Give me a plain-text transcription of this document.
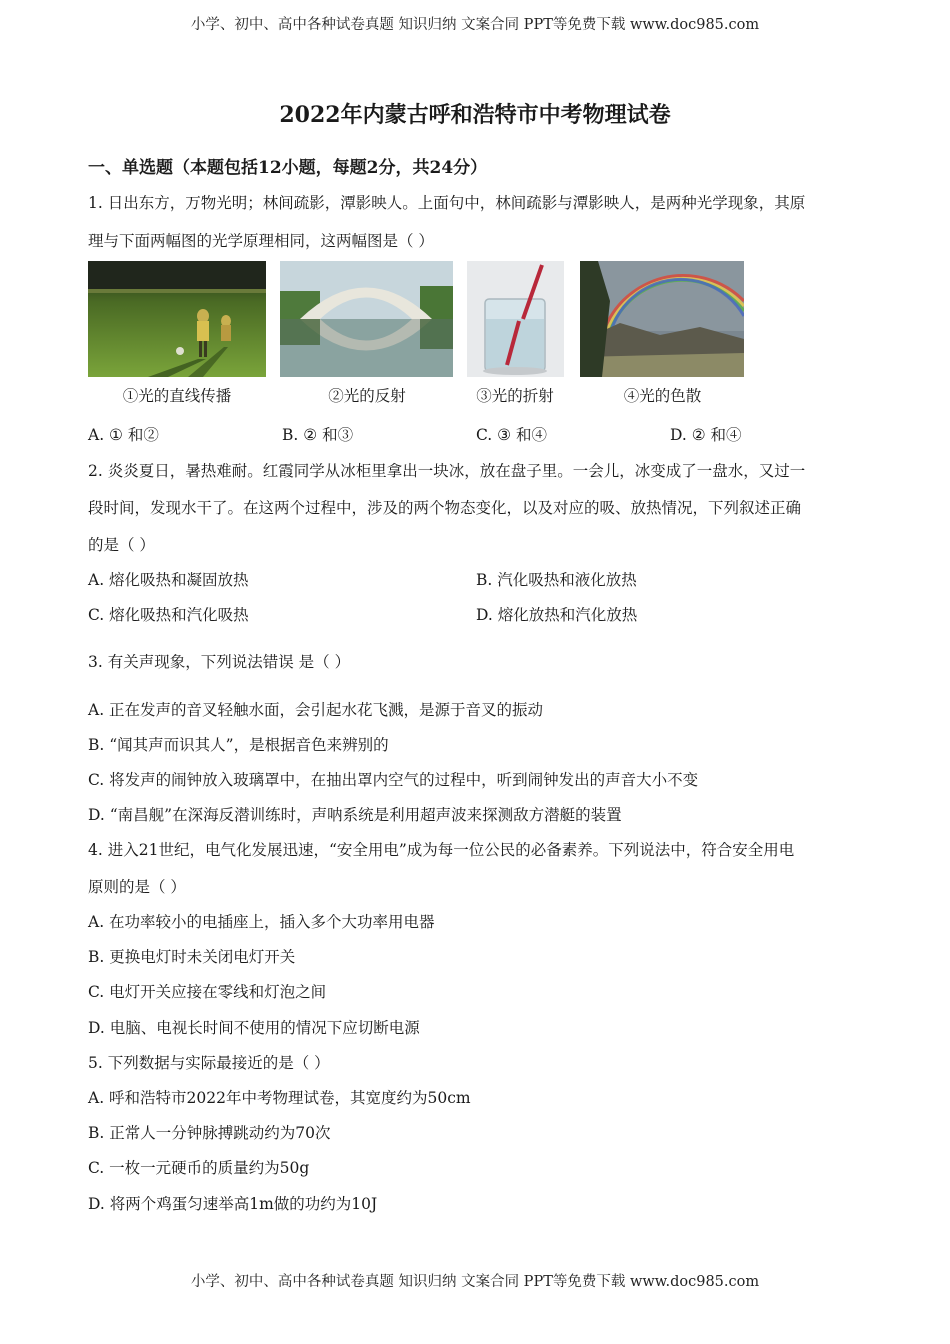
小学、初中、高中各种试卷真题 知识归纳 文案合同 PPT等免费下载 www.doc985.com
2022年内蒙古呼和浩特市中考物理试卷
一、单选题（本题包括12小题，每题2分，共24分）
1. 日出东方，万物光明；林间疏影，潭影映人。上面句中，林间疏影与潭影映人，是两种光学现象，其原
理与下面两幅图的光学原理相同，这两幅图是（ ）
①光的直线传播	②光的反射	③光的折射	④光的色散
A. ① 和②	B. ② 和③	C. ③ 和④	D. ② 和④
2. 炎炎夏日，暑热难耐。红霞同学从冰柜里拿出一块冰，放在盘子里。一会儿，冰变成了一盘水，又过一
段时间，发现水干了。在这两个过程中，涉及的两个物态变化，以及对应的吸、放热情况，下列叙述正确
的是（ ）
A. 熔化吸热和凝固放热	B. 汽化吸热和液化放热
C. 熔化吸热和汽化吸热	D. 熔化放热和汽化放热
3. 有关声现象，下列说法错误 是（ ）
A. 正在发声的音叉轻触水面，会引起水花飞溅，是源于音叉的振动
B. “闻其声而识其人”，是根据音色来辨别的
C. 将发声的闹钟放入玻璃罩中，在抽出罩内空气的过程中，听到闹钟发出的声音大小不变
D. “南昌舰”在深海反潜训练时，声呐系统是利用超声波来探测敌方潜艇的装置
4. 进入21世纪，电气化发展迅速，“安全用电”成为每一位公民的必备素养。下列说法中，符合安全用电
原则的是（ ）
A. 在功率较小的电插座上，插入多个大功率用电器
B. 更换电灯时未关闭电灯开关
C. 电灯开关应接在零线和灯泡之间
D. 电脑、电视长时间不使用的情况下应切断电源
5. 下列数据与实际最接近的是（ ）
A. 呼和浩特市2022年中考物理试卷，其宽度约为50cm
B. 正常人一分钟脉搏跳动约为70次
C. 一枚一元硬币的质量约为50g
D. 将两个鸡蛋匀速举高1m做的功约为10J
小学、初中、高中各种试卷真题 知识归纳 文案合同 PPT等免费下载 www.doc985.com
